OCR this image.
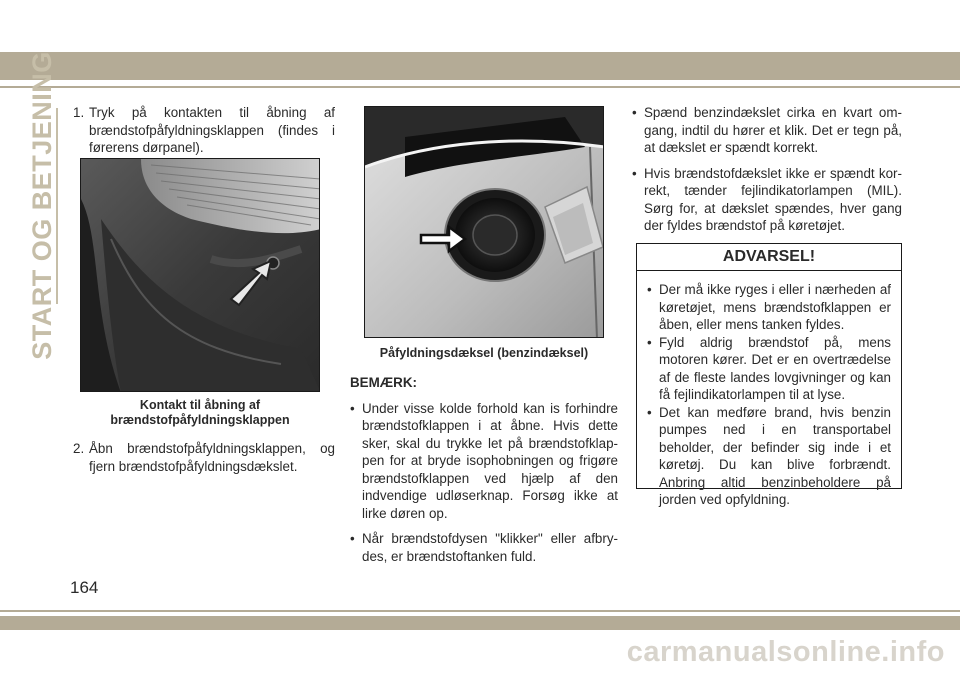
START OG BETJENING 1. Tryk på kontakten til åbning af brændstofpåfyldningsklappen (findes i førerens dørpanel).
Kontakt til åbning af
brændstofpåfyldningsklappen
2. Åbn brændstofpåfyldningsklappen, og fjern brændstofpåfyldningsdækslet.
Påfyldningsdæksel (benzindæksel)
BEMÆRK:
• Under visse kolde forhold kan is forhindre brændstofklappen i at åbne. Hvis dette sker, skal du trykke let på brændstofklappen for at bryde isophobningen og frigøre brændstofklappen ved hjælp af den indvendige udløserknap. Forsøg ikke at lirke døren op.
• Når brændstofdysen "klikker" eller afbrydes, er brændstoftanken fuld.
• Spænd benzindækslet cirka en kvart omgang, indtil du hører et klik. Det er tegn på, at dækslet er spændt korrekt.
• Hvis brændstofdækslet ikke er spændt korrekt, tænder fejlindikatorlampen (MIL). Sørg for, at dækslet spændes, hver gang der fyldes brændstof på køretøjet.
ADVARSEL!
• Der må ikke ryges i eller i nærheden af køretøjet, mens brændstofklappen er åben, eller mens tanken fyldes.
• Fyld aldrig brændstof på, mens motoren kører. Det er en overtrædelse af de fleste landes lovgivninger og kan få fejlindikatorlampen til at lyse.
• Det kan medføre brand, hvis benzin pumpes ned i en transportabel beholder, der befinder sig inde i et køretøj. Du kan blive forbrændt. Anbring altid benzinbeholdere på jorden ved opfyldning.
164
carmanualsonline.info
